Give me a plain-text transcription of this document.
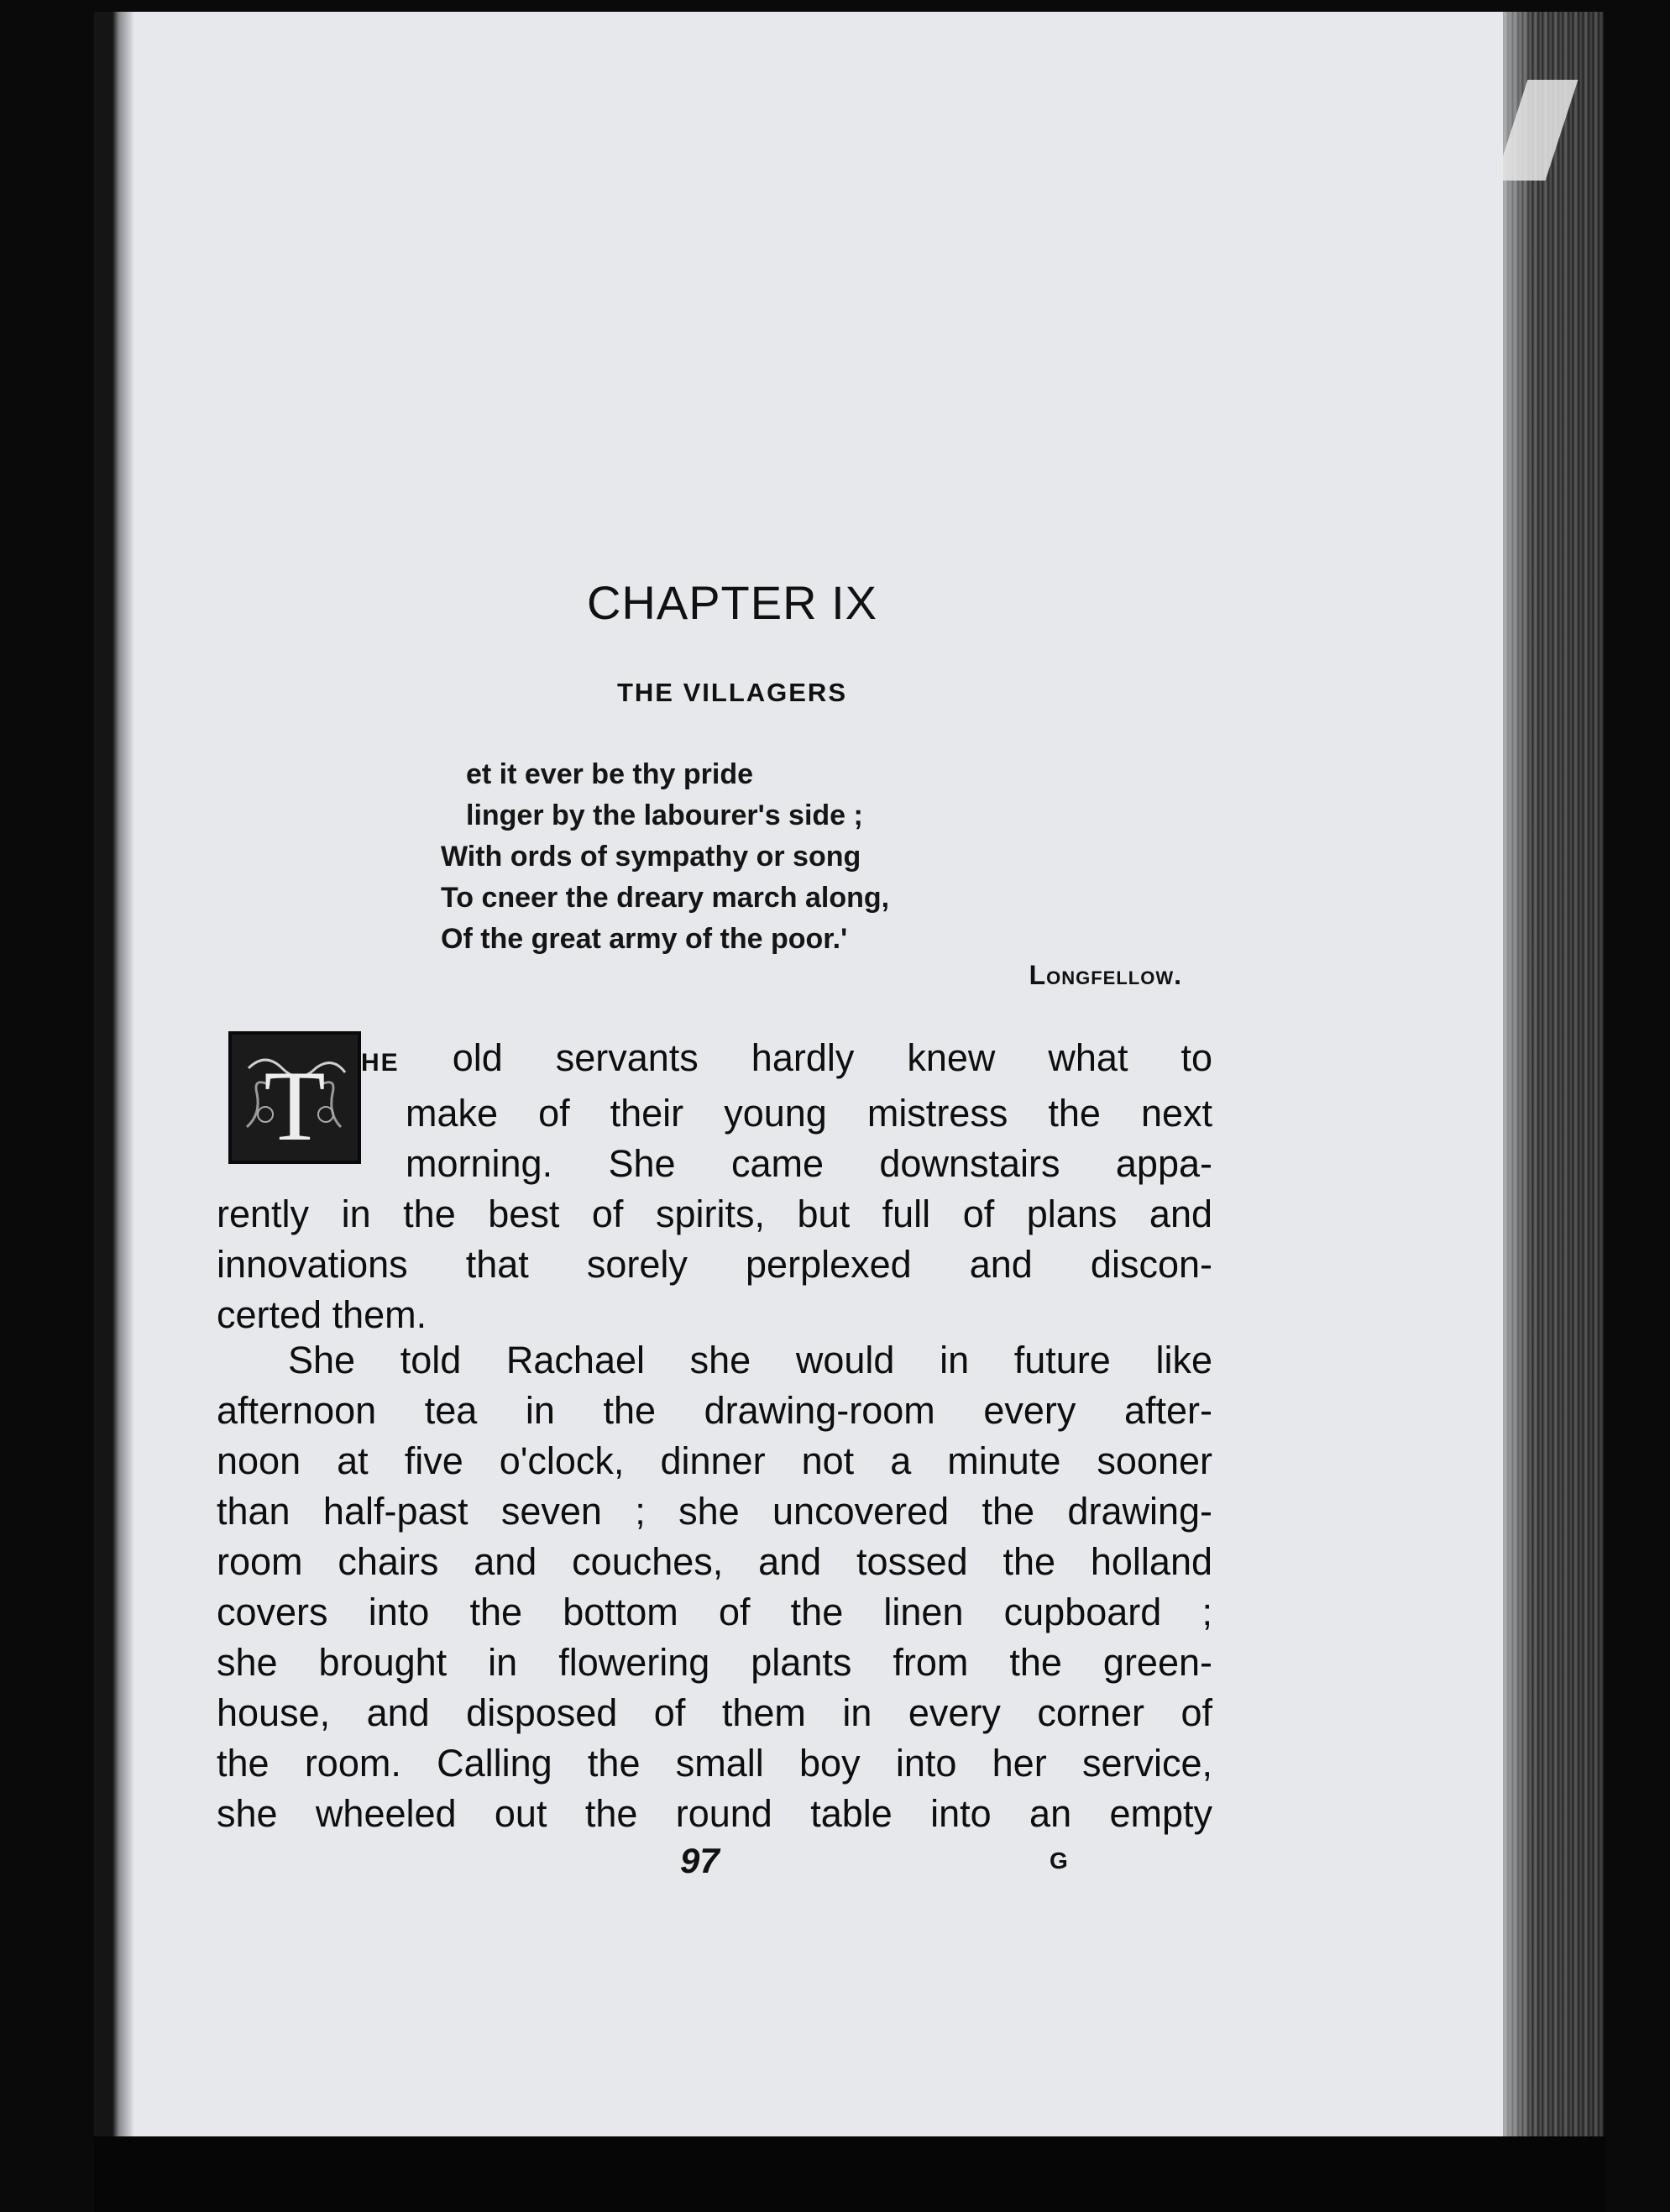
CHAPTER IX
THE VILLAGERS
et it ever be thy pride
linger by the labourer's side ;
With ords of sympathy or song
To cneer the dreary march along,
Of the great army of the poor.'
Longfellow.
T	HE old servants hardly knew what to
make of their young mistress the next
morning. She came downstairs appa-
rently in the best of spirits, but full of plans and
innovations that sorely perplexed and discon-
certed them.
She told Rachael she would in future like
afternoon tea in the drawing-room every after-
noon at five o'clock, dinner not a minute sooner
than half-past seven ; she uncovered the drawing-
room chairs and couches, and tossed the holland
covers into the bottom of the linen cupboard ;
she brought in flowering plants from the green-
house, and disposed of them in every corner of
the room. Calling the small boy into her service,
she wheeled out the round table into an empty
97	G
